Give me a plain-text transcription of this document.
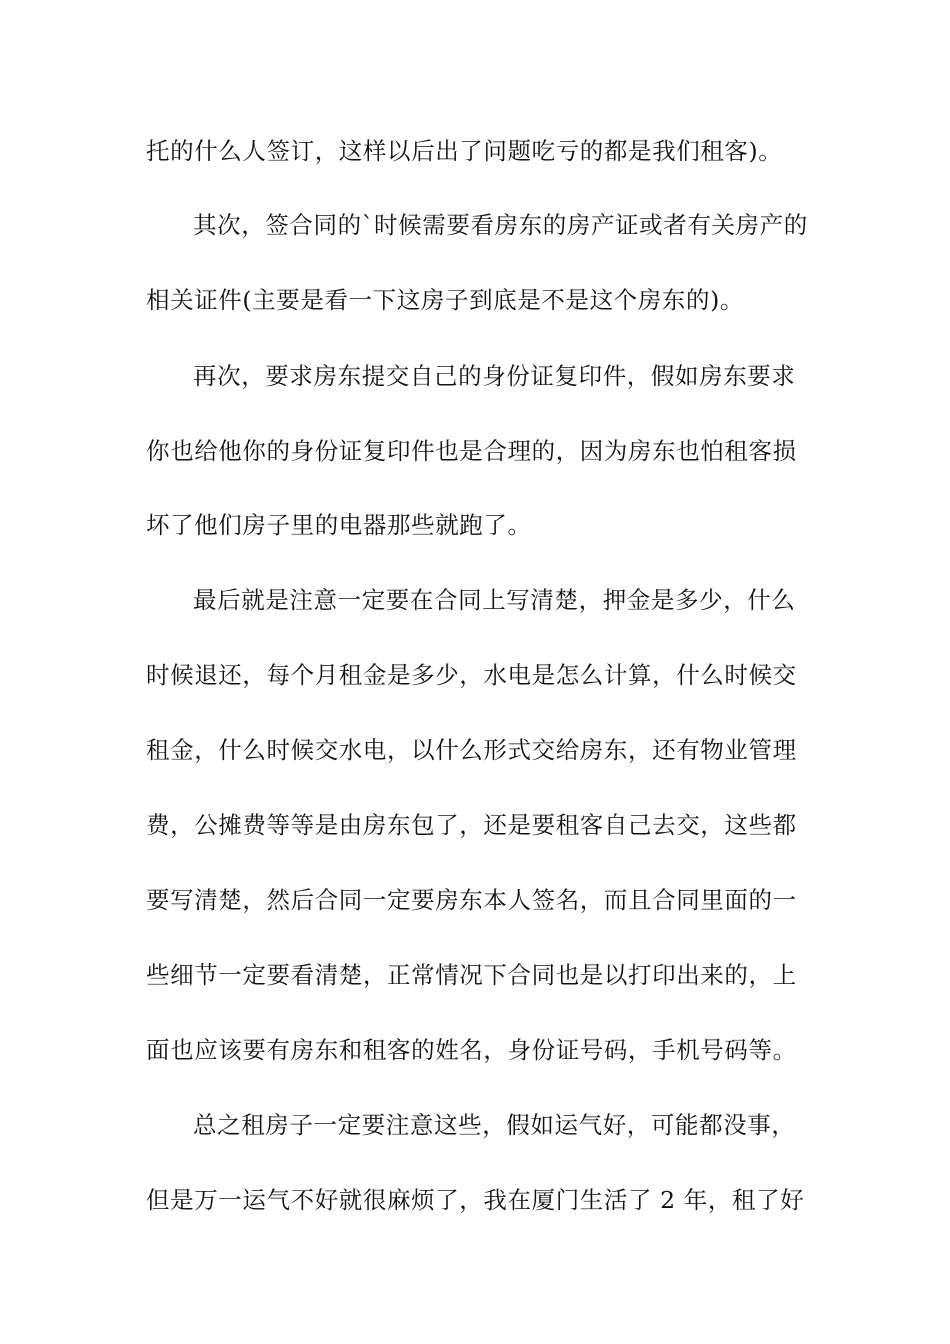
托的什么人签订，这样以后出了问题吃亏的都是我们租客)。
其次，签合同的`时候需要看房东的房产证或者有关房产的
相关证件(主要是看一下这房子到底是不是这个房东的)。
再次，要求房东提交自己的身份证复印件，假如房东要求
你也给他你的身份证复印件也是合理的，因为房东也怕租客损
坏了他们房子里的电器那些就跑了。
最后就是注意一定要在合同上写清楚，押金是多少，什么
时候退还，每个月租金是多少，水电是怎么计算，什么时候交
租金，什么时候交水电，以什么形式交给房东，还有物业管理
费，公摊费等等是由房东包了，还是要租客自己去交，这些都
要写清楚，然后合同一定要房东本人签名，而且合同里面的一
些细节一定要看清楚，正常情况下合同也是以打印出来的，上
面也应该要有房东和租客的姓名，身份证号码，手机号码等。
总之租房子一定要注意这些，假如运气好，可能都没事，
但是万一运气不好就很麻烦了，我在厦门生活了 2 年，租了好
